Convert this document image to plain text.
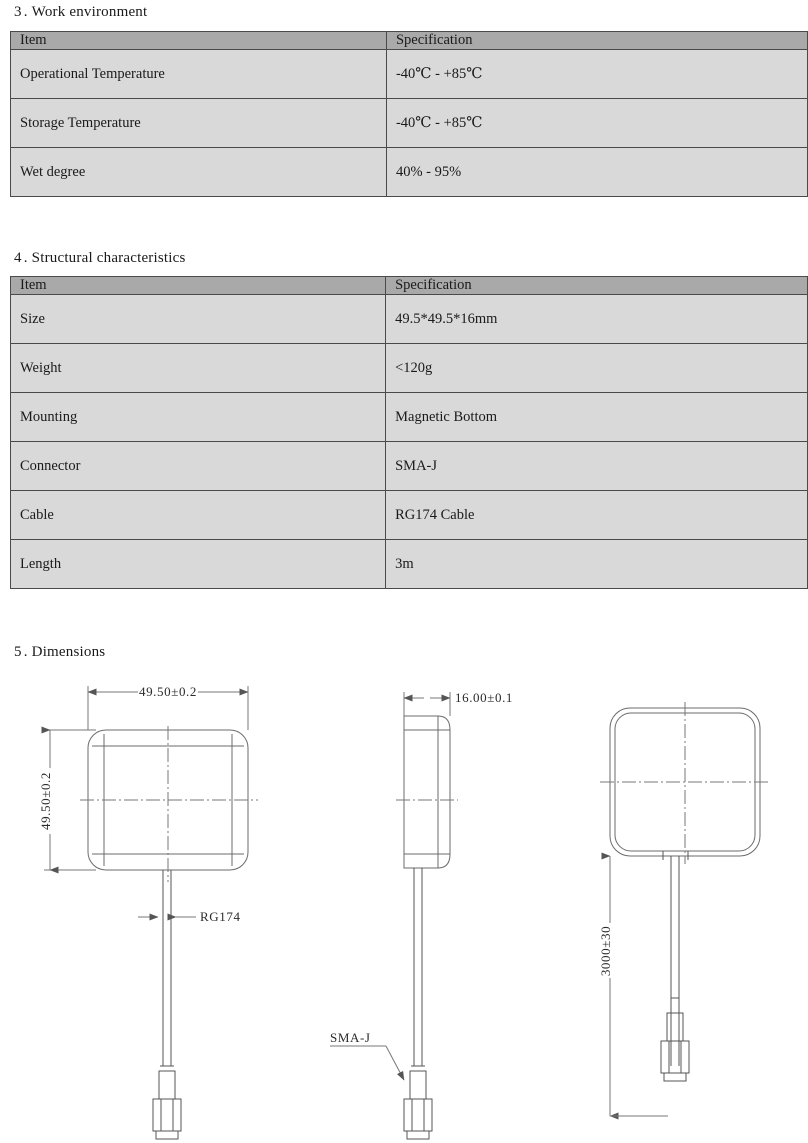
3 . Work environment
Item	Specification
Operational Temperature	-40℃ - +85℃
Storage Temperature	-40℃ - +85℃
Wet degree	40% - 95%
4 . Structural characteristics
Item	Specification
Size	49.5*49.5*16mm
Weight	<120g
Mounting	Magnetic Bottom
Connector	SMA-J
Cable	RG174 Cable
Length	3m
5 . Dimensions
49.50±0.2
49.50±0.2
RG174
16.00±0.1
SMA-J
3000±30
